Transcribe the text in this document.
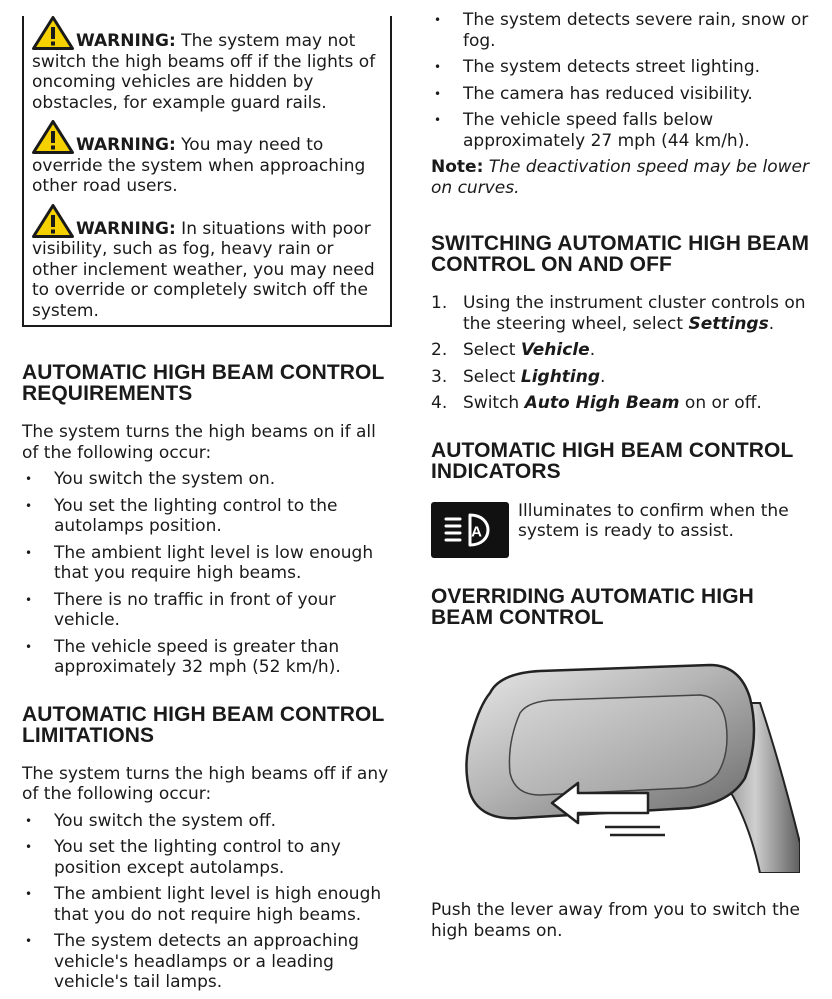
WARNING: The system may not switch the high beams off if the lights of oncoming vehicles are hidden by obstacles, for example guard rails.

WARNING: You may need to override the system when approaching other road users.

WARNING: In situations with poor visibility, such as fog, heavy rain or other inclement weather, you may need to override or completely switch off the system.

AUTOMATIC HIGH BEAM CONTROL REQUIREMENTS

The system turns the high beams on if all of the following occur:

• You switch the system on.
• You set the lighting control to the autolamps position.
• The ambient light level is low enough that you require high beams.
• There is no traffic in front of your vehicle.
• The vehicle speed is greater than approximately 32 mph (52 km/h).
AUTOMATIC HIGH BEAM CONTROL LIMITATIONS

The system turns the high beams off if any of the following occur:

• You switch the system off.
• You set the lighting control to any position except autolamps.
• The ambient light level is high enough that you do not require high beams.
• The system detects an approaching vehicle's headlamps or a leading vehicle's tail lamps.
• The system detects severe rain, snow or fog.
• The system detects street lighting.
• The camera has reduced visibility.
• The vehicle speed falls below approximately 27 mph (44 km/h).

Note: The deactivation speed may be lower on curves.

SWITCHING AUTOMATIC HIGH BEAM CONTROL ON AND OFF
1. Using the instrument cluster controls on the steering wheel, select Settings.
2. Select Vehicle.
3. Select Lighting.
4. Switch Auto High Beam on or off.
AUTOMATIC HIGH BEAM CONTROL INDICATORS
A
Illuminates to confirm when the system is ready to assist.
OVERRIDING AUTOMATIC HIGH BEAM CONTROL

Push the lever away from you to switch the high beams on.
